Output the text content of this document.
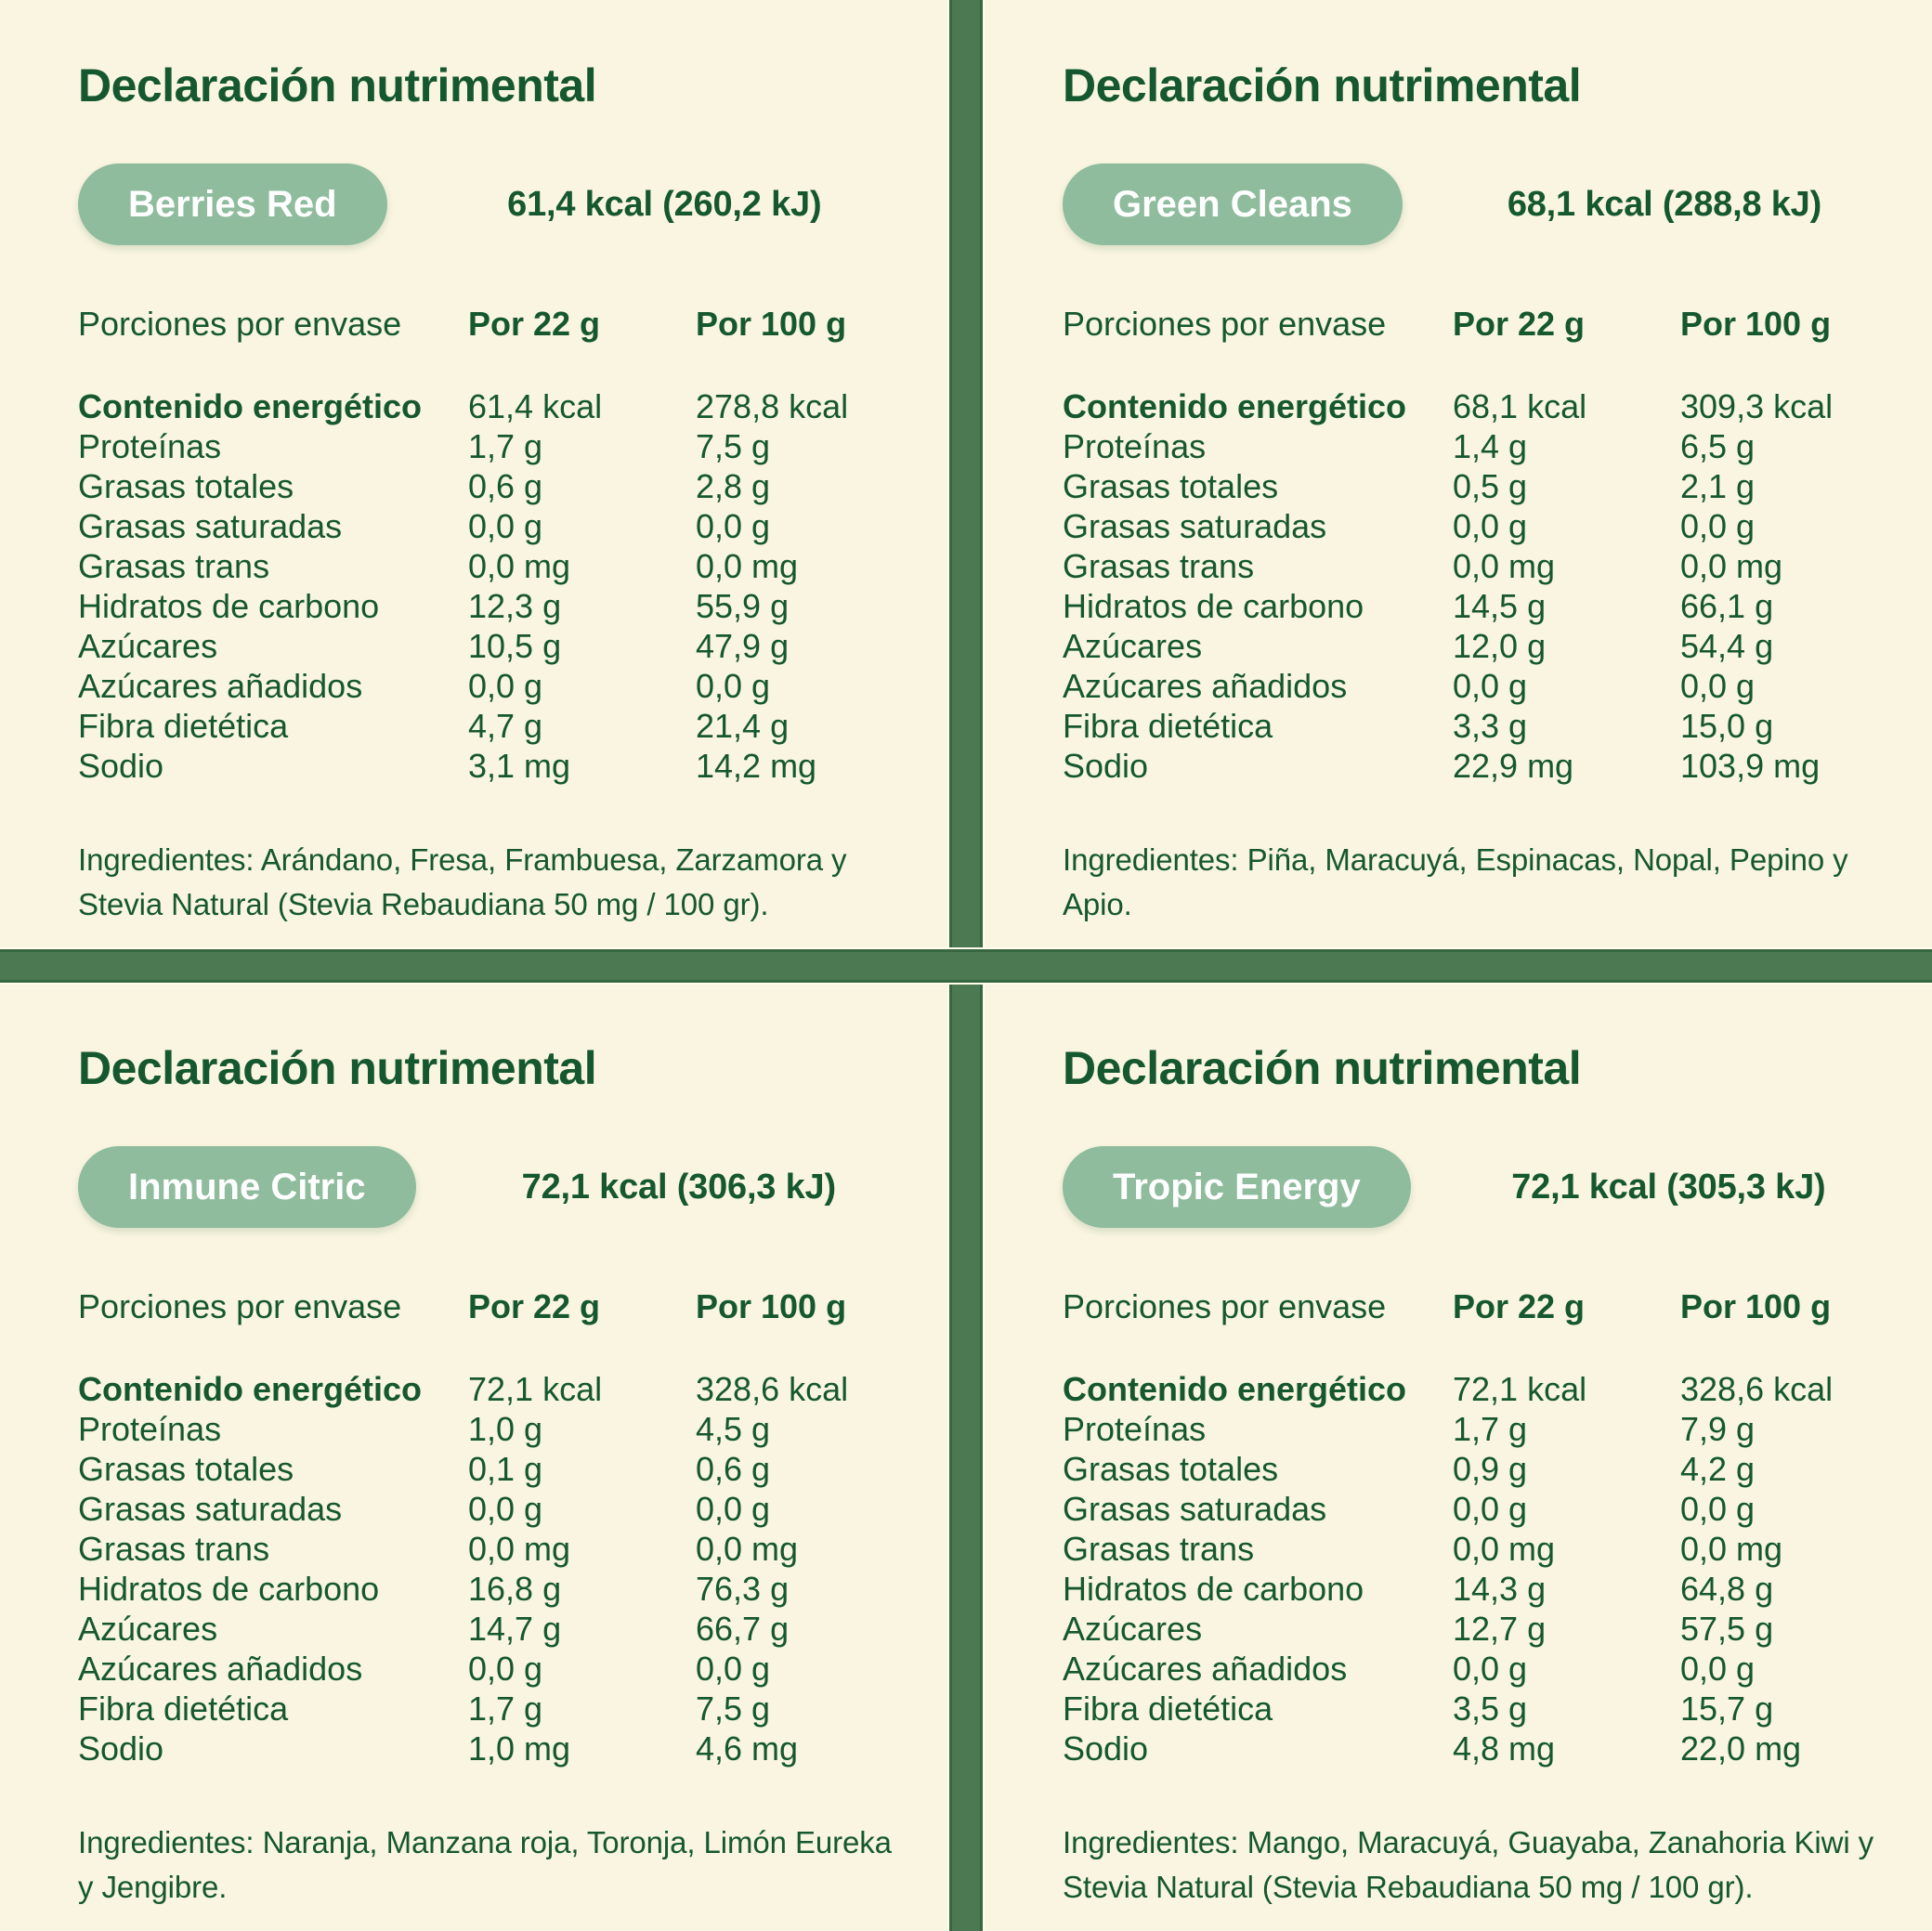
Declaración nutrimental
Berries Red	61,4 kcal (260,2 kJ)
Porciones por envase	Por 22 g	Por 100 g
Contenido energético	61,4 kcal	278,8 kcal
Proteínas	1,7 g	7,5 g
Grasas totales	0,6 g	2,8 g
Grasas saturadas	0,0 g	0,0 g
Grasas trans	0,0 mg	0,0 mg
Hidratos de carbono	12,3 g	55,9 g
Azúcares	10,5 g	47,9 g
Azúcares añadidos	0,0 g	0,0 g
Fibra dietética	4,7 g	21,4 g
Sodio	3,1 mg	14,2 mg

Ingredientes: Arándano, Fresa, Frambuesa, Zarzamora y Stevia Natural (Stevia Rebaudiana 50 mg / 100 gr).

Declaración nutrimental
Green Cleans	68,1 kcal (288,8 kJ)
Porciones por envase	Por 22 g	Por 100 g
Contenido energético	68,1 kcal	309,3 kcal
Proteínas	1,4 g	6,5 g
Grasas totales	0,5 g	2,1 g
Grasas saturadas	0,0 g	0,0 g
Grasas trans	0,0 mg	0,0 mg
Hidratos de carbono	14,5 g	66,1 g
Azúcares	12,0 g	54,4 g
Azúcares añadidos	0,0 g	0,0 g
Fibra dietética	3,3 g	15,0 g
Sodio	22,9 mg	103,9 mg

Ingredientes: Piña, Maracuyá, Espinacas, Nopal, Pepino y Apio.

Declaración nutrimental
Inmune Citric	72,1 kcal (306,3 kJ)
Porciones por envase	Por 22 g	Por 100 g
Contenido energético	72,1 kcal	328,6 kcal
Proteínas	1,0 g	4,5 g
Grasas totales	0,1 g	0,6 g
Grasas saturadas	0,0 g	0,0 g
Grasas trans	0,0 mg	0,0 mg
Hidratos de carbono	16,8 g	76,3 g
Azúcares	14,7 g	66,7 g
Azúcares añadidos	0,0 g	0,0 g
Fibra dietética	1,7 g	7,5 g
Sodio	1,0 mg	4,6 mg

Ingredientes: Naranja, Manzana roja, Toronja, Limón Eureka y Jengibre.

Declaración nutrimental
Tropic Energy	72,1 kcal (305,3 kJ)
Porciones por envase	Por 22 g	Por 100 g
Contenido energético	72,1 kcal	328,6 kcal
Proteínas	1,7 g	7,9 g
Grasas totales	0,9 g	4,2 g
Grasas saturadas	0,0 g	0,0 g
Grasas trans	0,0 mg	0,0 mg
Hidratos de carbono	14,3 g	64,8 g
Azúcares	12,7 g	57,5 g
Azúcares añadidos	0,0 g	0,0 g
Fibra dietética	3,5 g	15,7 g
Sodio	4,8 mg	22,0 mg

Ingredientes: Mango, Maracuyá, Guayaba, Zanahoria Kiwi y Stevia Natural (Stevia Rebaudiana 50 mg / 100 gr).
